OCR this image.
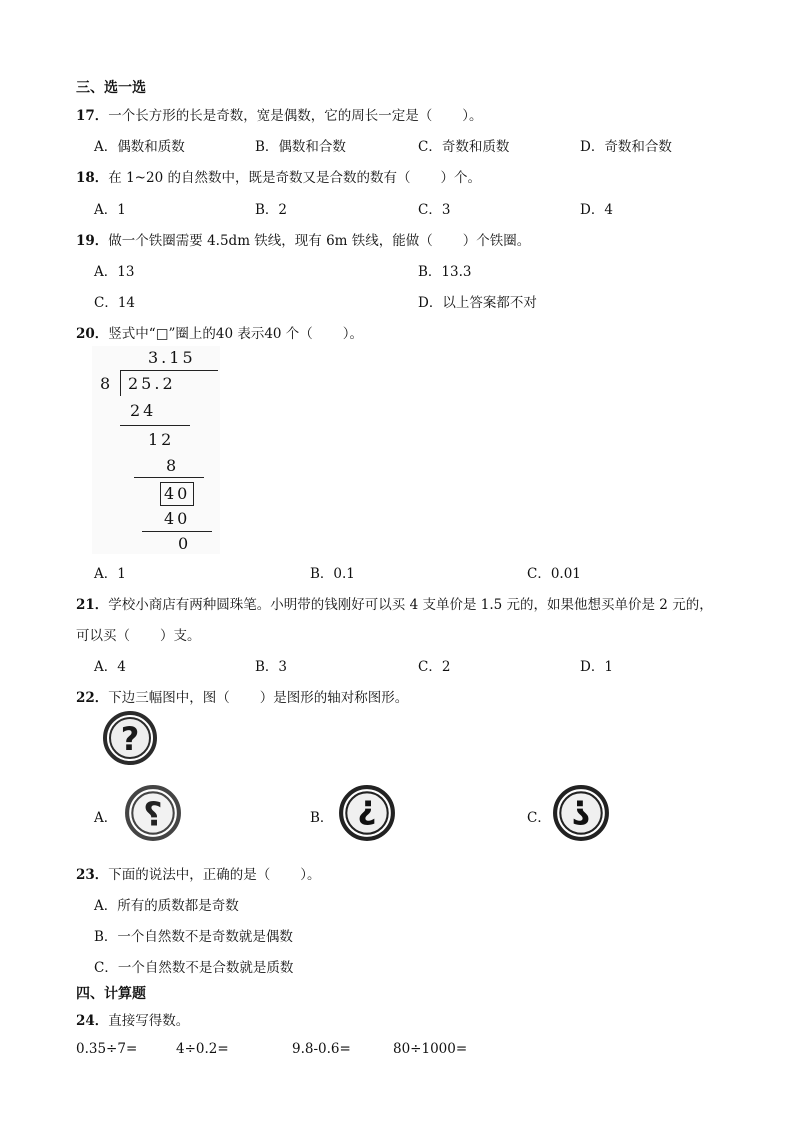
三、选一选
17．一个长方形的长是奇数，宽是偶数，它的周长一定是（ ）。
A．偶数和质数	B．偶数和合数	C．奇数和质数	D．奇数和合数
18．在 1~20 的自然数中，既是奇数又是合数的数有（ ）个。
A．1	B．2	C．3	D．4
19．做一个铁圈需要 4.5dm 铁线，现有 6m 铁线，能做（ ）个铁圈。
A．13	B．13.3
C．14	D．以上答案都不对
20．竖式中“□”圈上的40 表示40 个（ ）。
3.15
8 25.2
24
12
8
40
40
0
A．1	B．0.1	C．0.01
21．学校小商店有两种圆珠笔。小明带的钱刚好可以买 4 支单价是 1.5 元的，如果他想买单价是 2 元的，
可以买（ ）支。
A．4	B．3	C．2	D．1
22．下边三幅图中，图（ ）是图形的轴对称图形。
?
A． ?	B． ?	C． ?
23．下面的说法中，正确的是（ ）。
A．所有的质数都是奇数
B．一个自然数不是奇数就是偶数
C．一个自然数不是合数就是质数
四、计算题
24．直接写得数。
0.35÷7=	4÷0.2=	9.8-0.6=	80÷1000=
